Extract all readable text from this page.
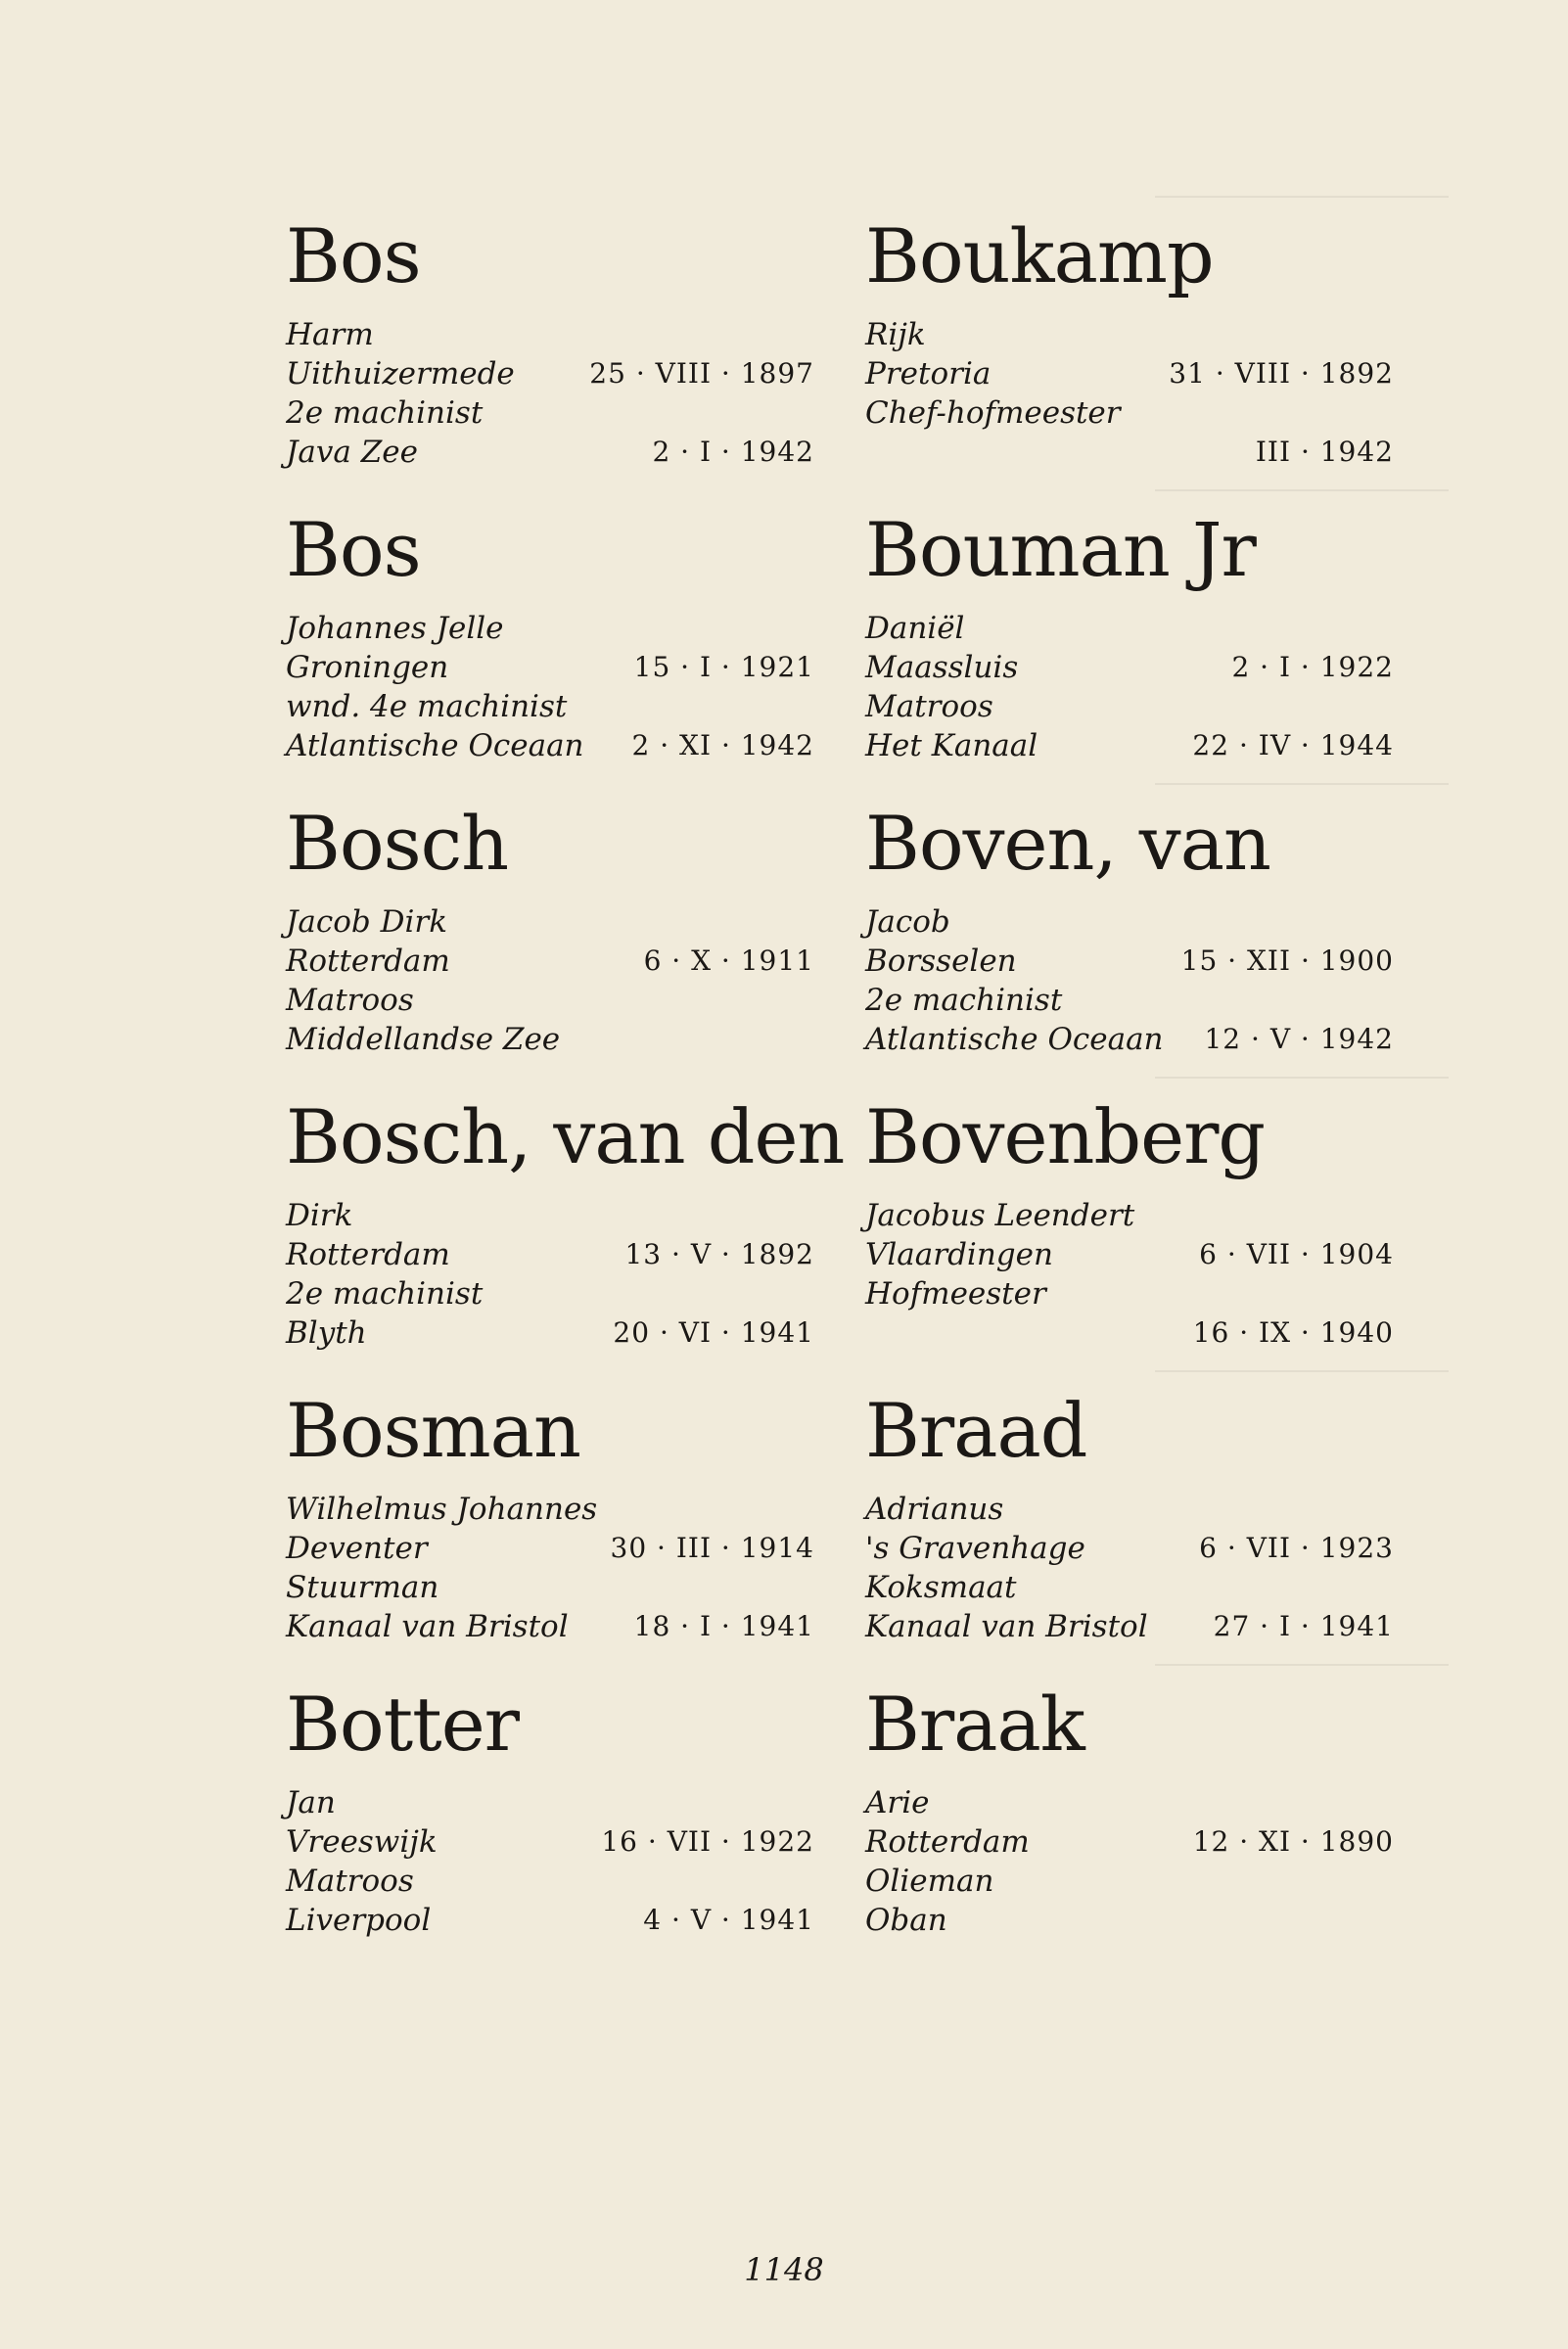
Bos
Harm
Uithuizermede	25 · VIII · 1897
2e machinist
Java Zee	2 · I · 1942
Bos
Johannes Jelle
Groningen	15 · I · 1921
wnd. 4e machinist
Atlantische Oceaan 2 · XI · 1942
Bosch
Jacob Dirk
Rotterdam	6 · X · 1911
Matroos
Middellandse Zee
Bosch, van den
Dirk
Rotterdam	13 · V · 1892
2e machinist
Blyth	20 · VI · 1941
Bosman
Wilhelmus Johannes
Deventer	30 · III · 1914
Stuurman
Kanaal van Bristol 18 · I · 1941
Botter
Jan
Vreeswijk	16 · VII · 1922
Matroos
Liverpool	4 · V · 1941
Boukamp
Rijk
Pretoria	31 · VIII · 1892
Chef-hofmeester
III · 1942
Bouman Jr
Daniël
Maassluis	2 · I · 1922
Matroos
Het Kanaal	22 · IV · 1944
Boven, van
Jacob
Borsselen	15 · XII · 1900
2e machinist
Atlantische Oceaan 12 · V · 1942
Bovenberg
Jacobus Leendert
Vlaardingen	6 · VII · 1904
Hofmeester
16 · IX · 1940
Braad
Adrianus
's Gravenhage	6 · VII · 1923
Koksmaat
Kanaal van Bristol 27 · I · 1941
Braak
Arie
Rotterdam	12 · XI · 1890
Olieman
Oban
1148
